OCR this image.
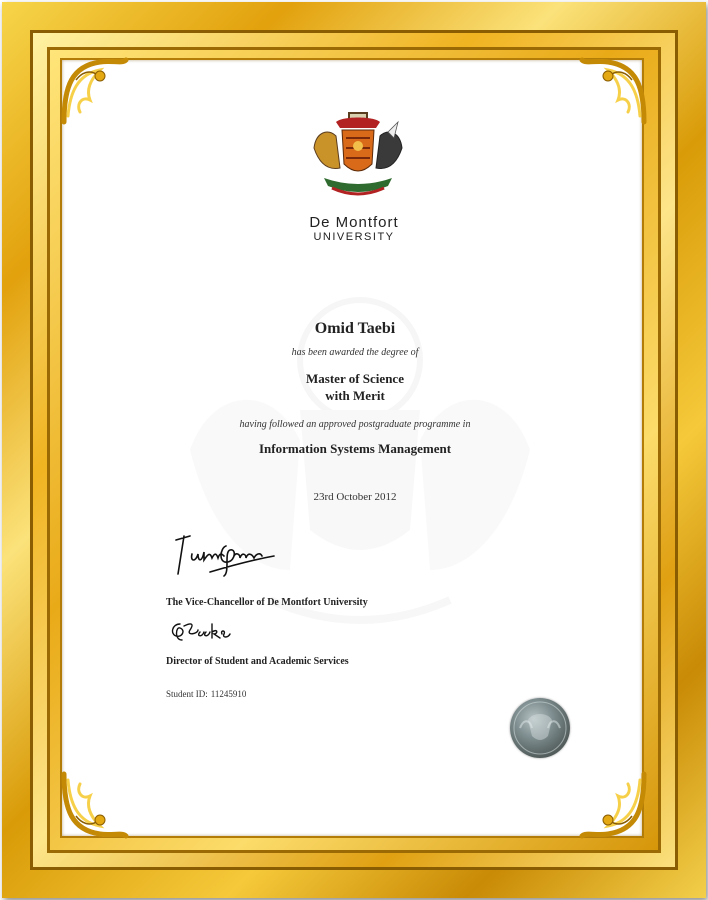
De Montfort
UNIVERSITY
Omid Taebi
has been awarded the degree of
Master of Science
with Merit
having followed an approved postgraduate programme in
Information Systems Management
23rd October 2012
The Vice-Chancellor of De Montfort University
Director of Student and Academic Services
Student ID: 11245910
